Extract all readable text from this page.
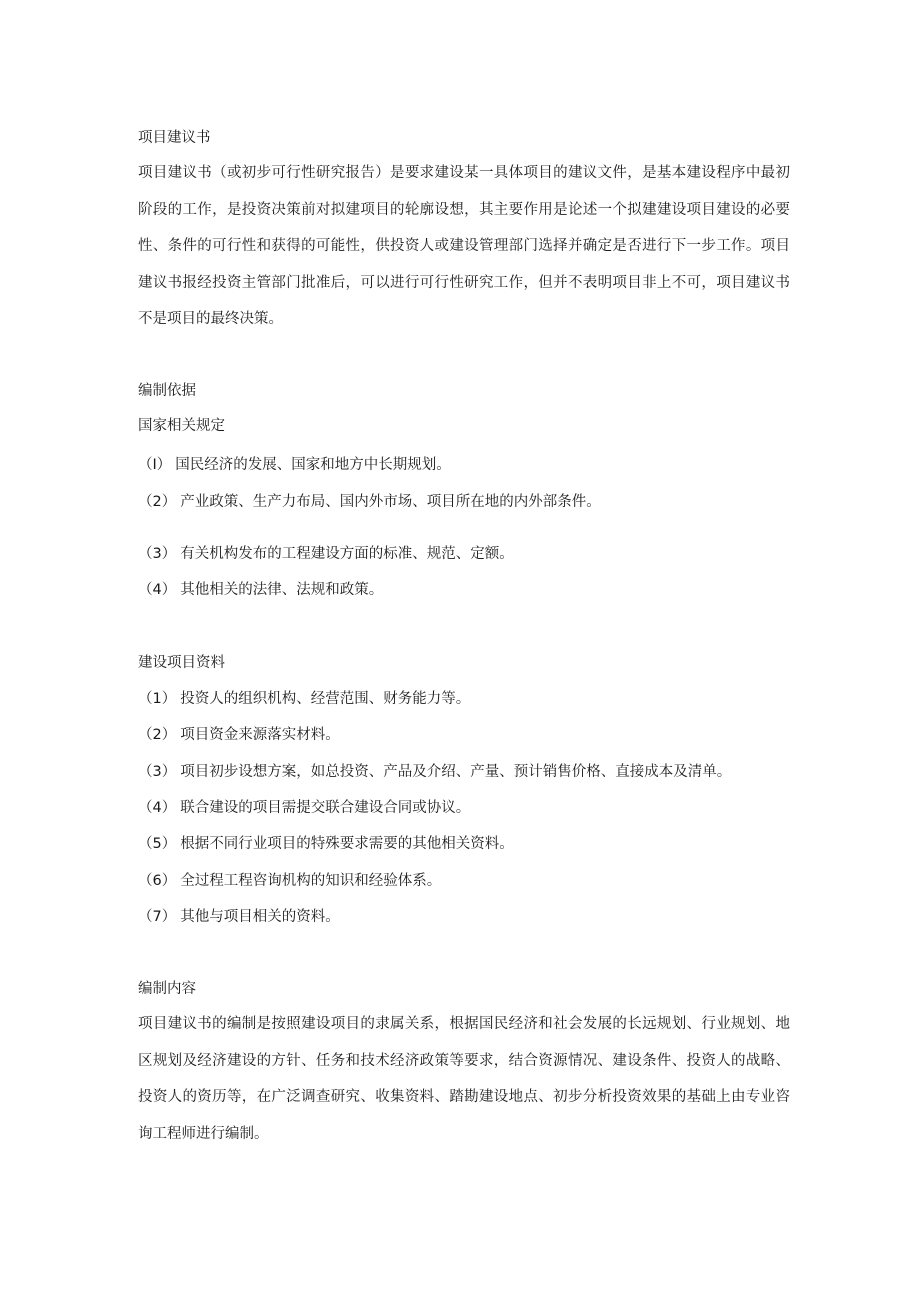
项目建议书
项目建议书（或初步可行性研究报告）是要求建设某一具体项目的建议文件，是基本建设程序中最初阶段的工作，是投资决策前对拟建项目的轮廓设想，其主要作用是论述一个拟建建设项目建设的必要性、条件的可行性和获得的可能性，供投资人或建设管理部门选择并确定是否进行下一步工作。项目建议书报经投资主管部门批准后，可以进行可行性研究工作，但并不表明项目非上不可，项目建议书不是项目的最终决策。
编制依据
国家相关规定
（I） 国民经济的发展、国家和地方中长期规划。
（2） 产业政策、生产力布局、国内外市场、项目所在地的内外部条件。
（3） 有关机构发布的工程建设方面的标准、规范、定额。
（4） 其他相关的法律、法规和政策。
建设项目资料
（1） 投资人的组织机构、经营范围、财务能力等。
（2） 项目资金来源落实材料。
（3） 项目初步设想方案，如总投资、产品及介绍、产量、预计销售价格、直接成本及清单。
（4） 联合建设的项目需提交联合建设合同或协议。
（5） 根据不同行业项目的特殊要求需要的其他相关资料。
（6） 全过程工程咨询机构的知识和经验体系。
（7） 其他与项目相关的资料。
编制内容
项目建议书的编制是按照建设项目的隶属关系，根据国民经济和社会发展的长远规划、行业规划、地区规划及经济建设的方针、任务和技术经济政策等要求，结合资源情况、建设条件、投资人的战略、投资人的资历等，在广泛调查研究、收集资料、踏勘建设地点、初步分析投资效果的基础上由专业咨询工程师进行编制。
